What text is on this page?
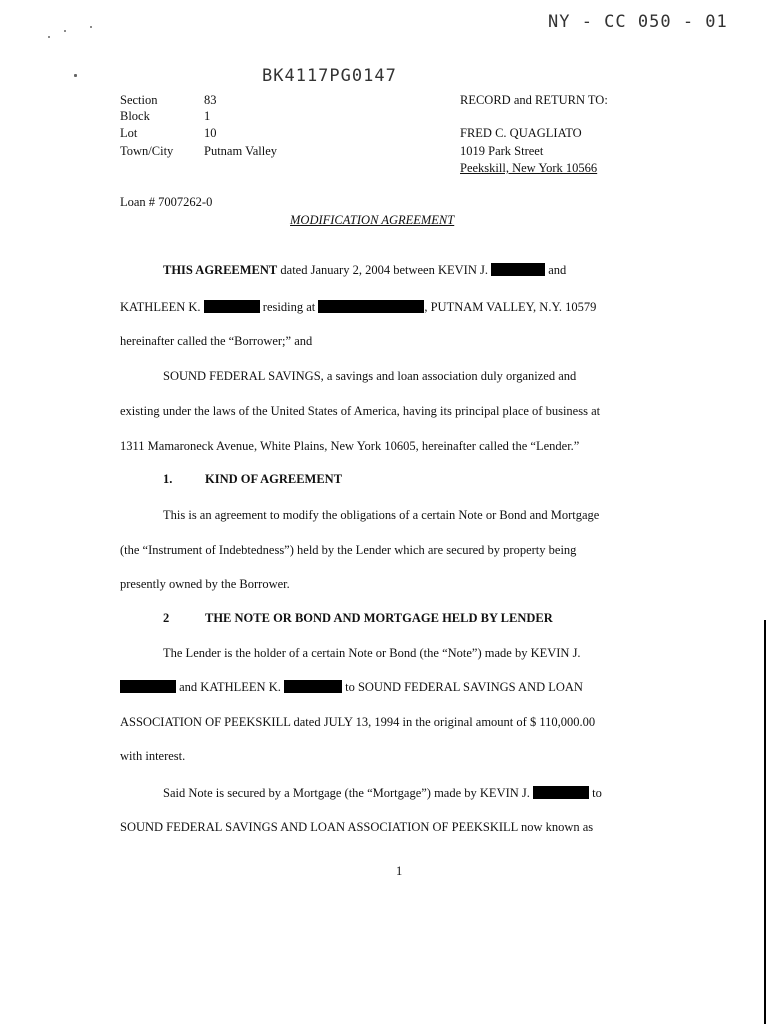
NY - CC 050 - 01
BK4117PG0147
Section	83
Block	1
Lot	10
Town/City Putnam Valley
RECORD and RETURN TO:
FRED C. QUAGLIATO
1019 Park Street
Peekskill, New York 10566
Loan # 7007262-0
MODIFICATION AGREEMENT
THIS AGREEMENT dated January 2, 2004 between KEVIN J.	and
KATHLEEN K.	residing at	, PUTNAM VALLEY, N.Y. 10579
hereinafter called the “Borrower;” and
SOUND FEDERAL SAVINGS, a savings and loan association duly organized and
existing under the laws of the United States of America, having its principal place of business at
1311 Mamaroneck Avenue, White Plains, New York 10605, hereinafter called the “Lender.”
1.	KIND OF AGREEMENT
This is an agreement to modify the obligations of a certain Note or Bond and Mortgage
(the “Instrument of Indebtedness”) held by the Lender which are secured by property being
presently owned by the Borrower.
2	THE NOTE OR BOND AND MORTGAGE HELD BY LENDER
The Lender is the holder of a certain Note or Bond (the “Note”) made by KEVIN J.
and KATHLEEN K.	to SOUND FEDERAL SAVINGS AND LOAN
ASSOCIATION OF PEEKSKILL dated JULY 13, 1994 in the original amount of $ 110,000.00
with interest.
Said Note is secured by a Mortgage (the “Mortgage”) made by KEVIN J.	to
SOUND FEDERAL SAVINGS AND LOAN ASSOCIATION OF PEEKSKILL now known as
1
